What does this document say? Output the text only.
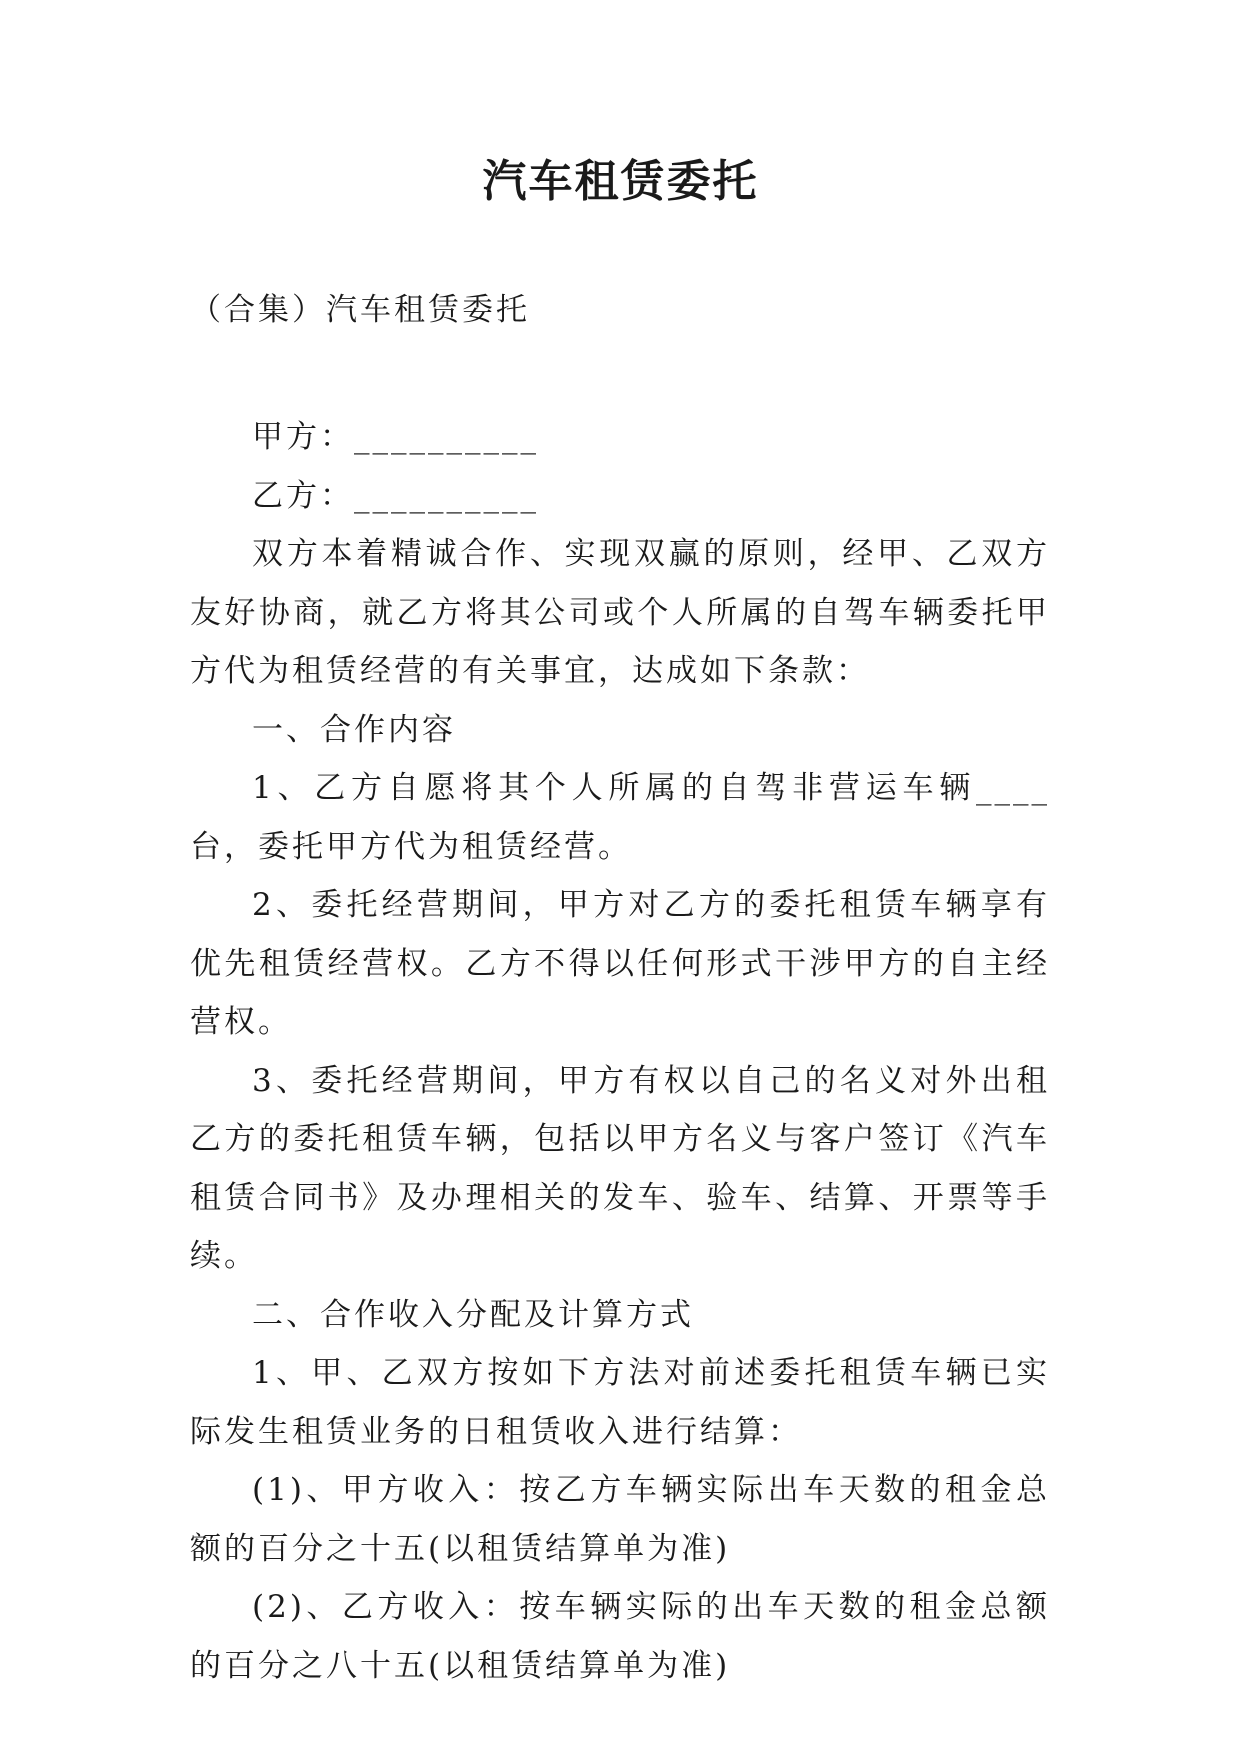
汽车租赁委托
（合集）汽车租赁委托

甲方：__________

乙方：__________

双方本着精诚合作、实现双赢的原则，经甲、乙双方友好协商，就乙方将其公司或个人所属的自驾车辆委托甲方代为租赁经营的有关事宜，达成如下条款：

一、合作内容

1、乙方自愿将其个人所属的自驾非营运车辆____台，委托甲方代为租赁经营。

2、委托经营期间，甲方对乙方的委托租赁车辆享有优先租赁经营权。乙方不得以任何形式干涉甲方的自主经营权。

3、委托经营期间，甲方有权以自己的名义对外出租乙方的委托租赁车辆，包括以甲方名义与客户签订《汽车租赁合同书》及办理相关的发车、验车、结算、开票等手续。

二、合作收入分配及计算方式

1、甲、乙双方按如下方法对前述委托租赁车辆已实际发生租赁业务的日租赁收入进行结算：

(1)、甲方收入：按乙方车辆实际出车天数的租金总额的百分之十五(以租赁结算单为准)

(2)、乙方收入：按车辆实际的出车天数的租金总额的百分之八十五(以租赁结算单为准)
